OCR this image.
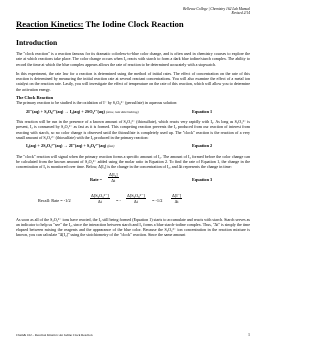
Bellevue College | Chemistry 162 Lab Manual
Revised 2/14
Reaction Kinetics: The Iodine Clock Reaction
Introduction

The "clock reaction" is a reaction famous for its dramatic colorless-to-blue color change, and is often used in chemistry courses to explore the rate at which reactions take place. The color change occurs when I₂ reacts with starch to form a dark blue iodine/starch complex. The ability to record the time at which the blue complex appears allows the rate of reaction to be determined accurately with a stopwatch.

In this experiment, the rate law for a reaction is determined using the method of initial rates. The effect of concentration on the rate of this reaction is determined by measuring the initial reaction rate at several reactant concentrations. You will also examine the effect of a metal ion catalyst on the reaction rate. Lastly, you will investigate the effect of temperature on the rate of this reaction, which will allow you to determine the activation energy.

The Clock Reaction

The primary reaction to be studied is the oxidation of I⁻ by S₂O₈²⁻ (persulfate) in aqueous solution:

2I⁻(aq) + S₂O₈²⁻(aq) → I₂(aq) + 2SO₄²⁻(aq) (slow, rate determining)	Equation 1

This reaction will be run in the presence of a known amount of S₂O₃²⁻ (thiosulfate), which reacts very rapidly with I₂. As long as S₂O₃²⁻ is present, I₂ is consumed by S₂O₃²⁻ as fast as it is formed. This competing reaction prevents the I₂ produced from our reaction of interest from reacting with starch, so no color change is observed until the thiosulfate is completely used up. The "clock" reaction is the reaction of a very small amount of S₂O₃²⁻ (thiosulfate) with the I₂ produced in the primary reaction:

I₂(aq) + 2S₂O₃²⁻(aq) → 2I⁻(aq) + S₄O₆²⁻(aq) (fast)	Equation 2

The "clock" reaction will signal when the primary reaction forms a specific amount of I₂. The amount of I₂ formed before the color change can be calculated from the known amount of S₂O₃²⁻ added using the molar ratio in Equation 2. To find the rate of Equation 1, the change in the concentration of I₂ is monitored over time. Below, Δ[I₂] is the change in the concentration of I₂, and Δt represents the change in time:

Rate = $\frac{\text{Δ[I₂]}}{\Delta t}$	Equation 3
Recall: Rate = -1/2	$\frac{\text{Δ[S₂O₃²⁻]}}{\Delta t}$ = - $\frac{\text{Δ[S₂O₈²⁻]}}{\Delta t} = -1/2 \frac{\Delta[I^-]}{\Delta t}$

As soon as all of the S₂O₃²⁻ ions have reacted, the I₂ still being formed (Equation 1) starts to accumulate and reacts with starch. Starch serves as an indicator to help us "see" the I₂, since the interaction between starch and I₂ forms a blue starch-iodine complex. Thus, "Δt" is simply the time elapsed between mixing the reagents and the appearance of the blue color. Because the S₂O₃²⁻ ion concentration in the reaction mixture is known, you can calculate "Δ[I₂]" using the stoichiometry of the "clock" reaction. Since the same amount

Chem& 162 – Reaction Kinetics: An Iodine Clock Reaction	1
